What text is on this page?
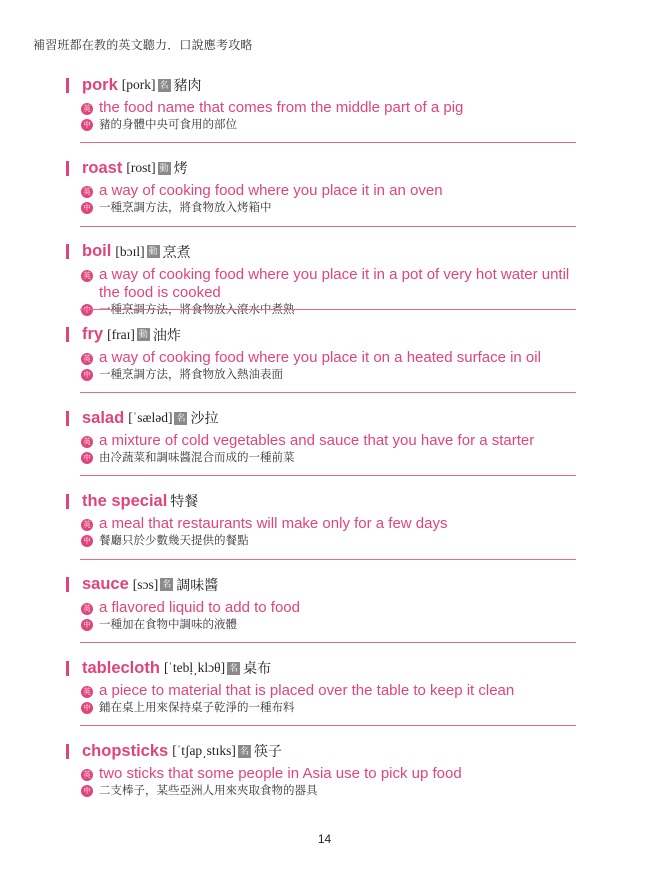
補習班都在教的英文聽力．口說應考攻略
pork [pork] 名 豬肉
英 the food name that comes from the middle part of a pig
中 豬的身體中央可食用的部位
roast [rost] 動 烤
英 a way of cooking food where you place it in an oven
中 一種烹調方法，將食物放入烤箱中
boil [bɔɪl] 動 烹煮
英 a way of cooking food where you place it in a pot of very hot water until the food is cooked
fry [fraɪ] 動 油炸
英 a way of cooking food where you place it on a heated surface in oil
中 一種烹調方法，將食物放入熱油表面
salad [ˈsæləd] 名 沙拉
英 a mixture of cold vegetables and sauce that you have for a starter
中 由冷蔬菜和調味醬混合而成的一種前菜
the special 特餐
英 a meal that restaurants will make only for a few days
中 餐廳只於少數幾天提供的餐點
sauce [sɔs] 名 調味醬
英 a flavored liquid to add to food
中 一種加在食物中調味的液體
tablecloth [ˈtebḷ͵klɔθ] 名 桌布
英 a piece to material that is placed over the table to keep it clean
中 鋪在桌上用來保持桌子乾淨的一種布料
chopsticks [ˈtʃap͵stɪks] 名 筷子
英 two sticks that some people in Asia use to pick up food
中 二支棒子，某些亞洲人用來夾取食物的器具
14
